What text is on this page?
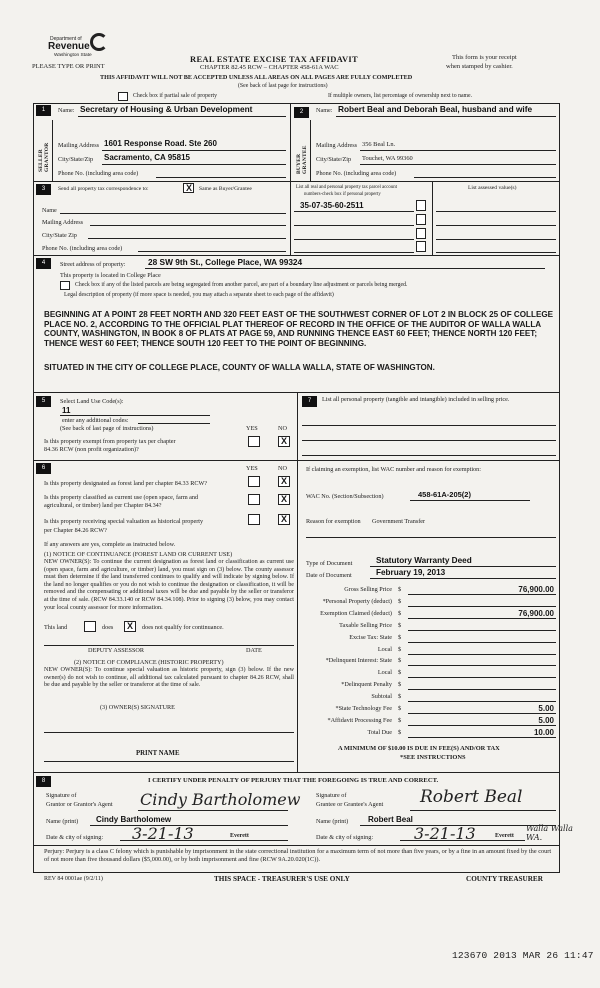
Department of
Revenue
Washington State
PLEASE TYPE OR PRINT
REAL ESTATE EXCISE TAX AFFIDAVIT
CHAPTER 82.45 RCW – CHAPTER 458-61A WAC
This form is your receipt
when stamped by cashier.
THIS AFFIDAVIT WILL NOT BE ACCEPTED UNLESS ALL AREAS ON ALL PAGES ARE FULLY COMPLETED
(See back of last page for instructions)
Check box if partial sale of property	If multiple owners, list percentage of ownership next to name.
1	Name: Secretary of Housing & Urban Development
SELLER GRANTOR Mailing Address 1601 Response Road. Ste 260
City/State/Zip Sacramento, CA 95815
Phone No. (including area code)
2	Name: Robert Beal and Deborah Beal, husband and wife
BUYER GRANTEE Mailing Address 356 Beal Ln.
City/State/Zip Touchet, WA 99360
Phone No. (including area code)
3	Send all property tax correspondence to: X	Same as Buyer/Grantee
Name
Mailing Address
City/State Zip
Phone No. (including area code)
List all real and personal property tax parcel account
numbers-check box if personal property
List assessed value(s)
35-07-35-60-2511
4	Street address of property:	28 SW 9th St., College Place, WA 99324
This property is located in College Place
Check box if any of the listed parcels are being segregated from another parcel, are part of a boundary line adjustment or parcels being merged.
Legal description of property (if more space is needed, you may attach a separate sheet to each page of the affidavit)
BEGINNING AT A POINT 28 FEET NORTH AND 320 FEET EAST OF THE SOUTHWEST CORNER OF LOT 2 IN BLOCK 25 OF COLLEGE PLACE NO. 2, ACCORDING TO THE OFFICIAL PLAT THEREOF OF RECORD IN THE OFFICE OF THE AUDITOR OF WALLA WALLA COUNTY, WASHINGTON, IN BOOK 8 OF PLATS AT PAGE 59, AND RUNNING THENCE EAST 60 FEET; THENCE NORTH 120 FEET; THENCE WEST 60 FEET; THENCE SOUTH 120 FEET TO THE POINT OF BEGINNING.
SITUATED IN THE CITY OF COLLEGE PLACE, COUNTY OF WALLA WALLA, STATE OF WASHINGTON.
5	Select Land Use Code(s):
11
enter any additional codes:
(See back of last page of instructions)	YES	NO
Is this property exempt from property tax per chapter
84.36 RCW (non profit organization)?
X
7	List all personal property (tangible and intangible) included in selling price.
6	YES	NO
Is this property designated as forest land per chapter 84.33 RCW?
X
Is this property classified as current use (open space, farm and
agricultural, or timber) land per Chapter 84.34?
X
Is this property receiving special valuation as historical property
per Chapter 84.26 RCW?
X
If any answers are yes, complete as instructed below.
(1) NOTICE OF CONTINUANCE (FOREST LAND OR CURRENT USE)
NEW OWNER(S): To continue the current designation as forest land or classification as current use (open space, farm and agriculture, or timber) land, you must sign on (3) below. The county assessor must then determine if the land transferred continues to qualify and will indicate by signing below. If the land no longer qualifies or you do not wish to continue the designation or classification, it will be removed and the compensating or additional taxes will be due and payable by the seller or transferor at the time of sale. (RCW 84.33.140 or RCW 84.34.108). Prior to signing (3) below, you may contact your local county assessor for more information.
This land	does X	does not qualify for continuance.
DEPUTY ASSESSOR	DATE
(2) NOTICE OF COMPLIANCE (HISTORIC PROPERTY)
NEW OWNER(S): To continue special valuation as historic property, sign (3) below. If the new owner(s) do not wish to continue, all additional tax calculated pursuant to chapter 84.26 RCW, shall be due and payable by the seller or transferor at the time of sale.
(3) OWNER(S) SIGNATURE
PRINT NAME
If claiming an exemption, list WAC number and reason for exemption:
WAC No. (Section/Subsection)	458-61A-205(2)
Reason for exemption Government Transfer
Type of Document	Statutory Warranty Deed
Date of Document	February 19, 2013
Gross Selling Price $	76,900.00
*Personal Property (deduct) $
Exemption Claimed (deduct) $	76,900.00
Taxable Selling Price $
Excise Tax: State $
Local $
*Delinquent Interest: State $
Local $
*Delinquent Penalty $
Subtotal $
*State Technology Fee $	5.00
*Affidavit Processing Fee $	5.00
Total Due $	10.00
A MINIMUM OF $10.00 IS DUE IN FEE(S) AND/OR TAX
*SEE INSTRUCTIONS
8	I CERTIFY UNDER PENALTY OF PERJURY THAT THE FOREGOING IS TRUE AND CORRECT.
Signature of
Grantor or Grantor's Agent Cindy Bartholomew
Name (print) Cindy Bartholomew
Date & city of signing: 3-21-13	Everett
Signature of
Grantee or Grantee's Agent Robert Beal
Name (print) Robert Beal
Date & city of signing:	3-21-13	Everett
Walla Walla WA.
Perjury: Perjury is a class C felony which is punishable by imprisonment in the state correctional institution for a maximum term of not more than five years, or by a fine in an amount fixed by the court of not more than five thousand dollars ($5,000.00), or by both imprisonment and fine (RCW 9A.20.020(1C)).
REV 84 0001ae (9/2/11)	THIS SPACE - TREASURER'S USE ONLY	COUNTY TREASURER
123670 2013 MAR 26 11:47
